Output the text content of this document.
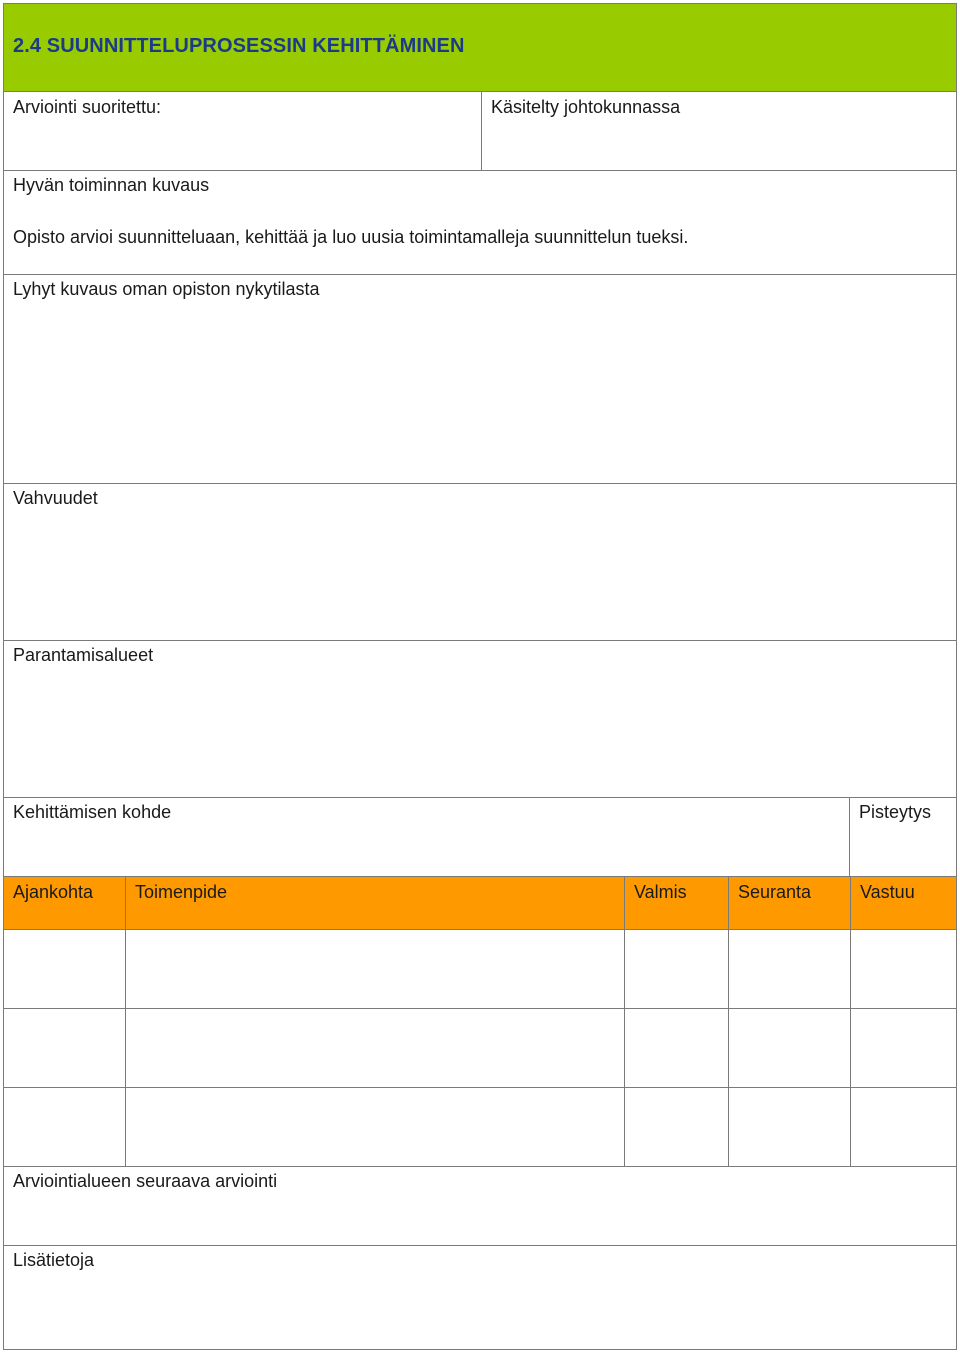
2.4 SUUNNITTELUPROSESSIN KEHITTÄMINEN
Arviointi suoritettu:	Käsitelty johtokunnassa
Hyvän toiminnan kuvaus
Opisto arvioi suunnitteluaan, kehittää ja luo uusia toimintamalleja suunnittelun tueksi.
Lyhyt kuvaus oman opiston nykytilasta
Vahvuudet
Parantamisalueet
Kehittämisen kohde	Pisteytys
Ajankohta	Toimenpide	Valmis	Seuranta	Vastuu
Arviointialueen seuraava arviointi
Lisätietoja
